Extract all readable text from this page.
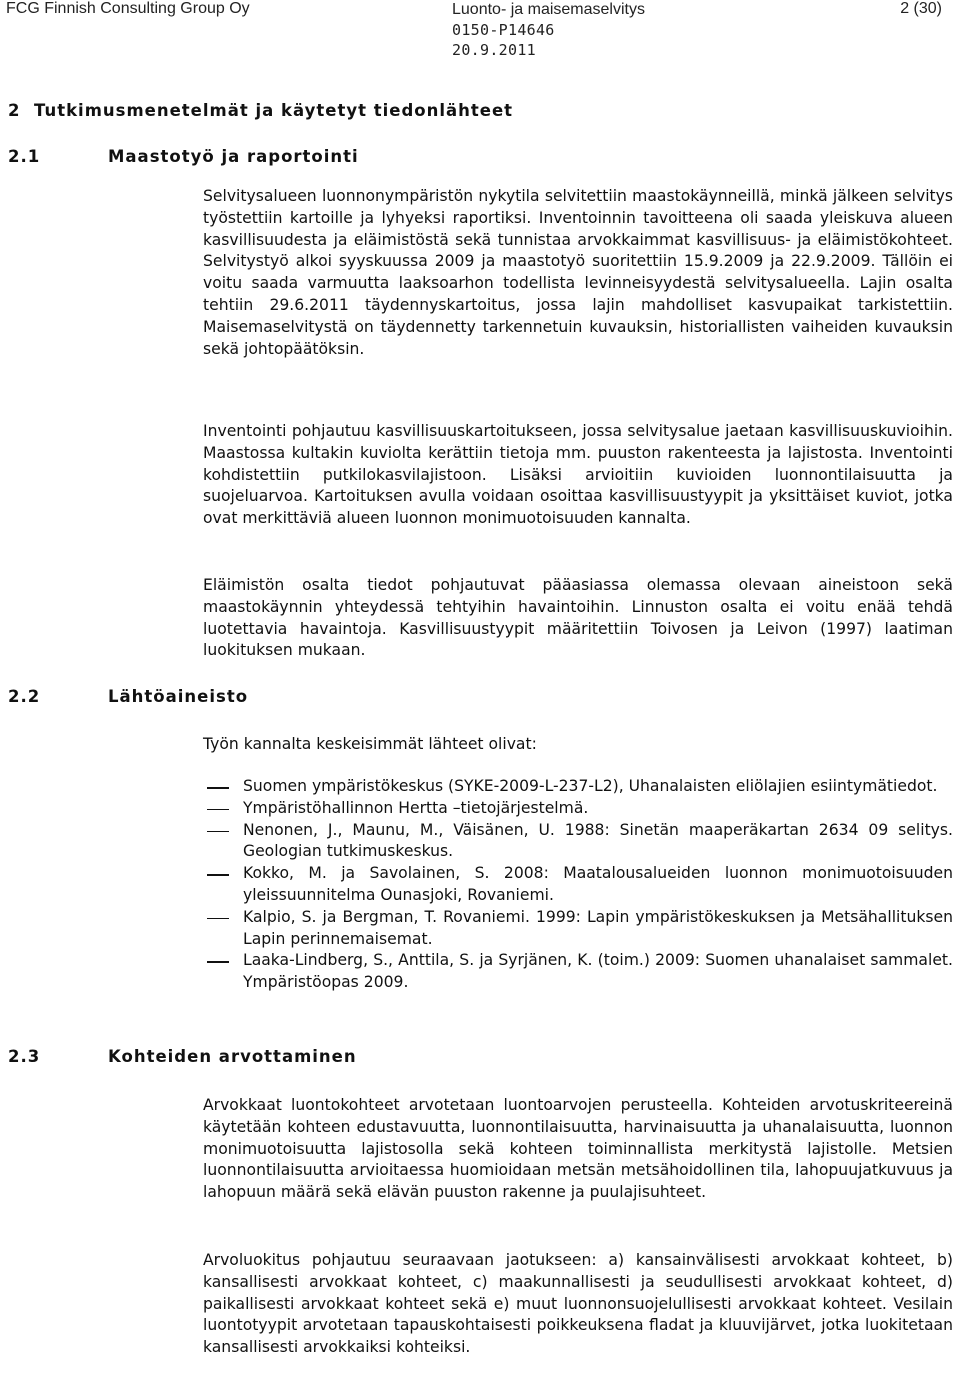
FCG Finnish Consulting Group Oy	Luonto- ja maisemaselvitys
0150-P14646
20.9.2011
2 (30)
2 Tutkimusmenetelmät ja käytetyt tiedonlähteet
2.1	Maastotyö ja raportointi

Selvitysalueen luonnonympäristön nykytila selvitettiin maastokäynneillä, minkä jälkeen selvitys työstettiin kartoille ja lyhyeksi raportiksi. Inventoinnin tavoitteena oli saada yleiskuva alueen kasvillisuudesta ja eläimistöstä sekä tunnistaa arvokkaimmat kasvillisuus- ja eläimistökohteet. Selvitystyö alkoi syyskuussa 2009 ja maastotyö suoritettiin 15.9.2009 ja 22.9.2009. Tällöin ei voitu saada varmuutta laaksoarhon todellista levinneisyydestä selvitysalueella. Lajin osalta tehtiin 29.6.2011 täydennyskartoitus, jossa lajin mahdolliset kasvupaikat tarkistettiin. Maisemaselvitystä on täydennetty tarkennetuin kuvauksin, historiallisten vaiheiden kuvauksin sekä johtopäätöksin.

Inventointi pohjautuu kasvillisuuskartoitukseen, jossa selvitysalue jaetaan kasvillisuuskuvioihin. Maastossa kultakin kuviolta kerättiin tietoja mm. puuston rakenteesta ja lajistosta. Inventointi kohdistettiin putkilokasvilajistoon. Lisäksi arvioitiin kuvioiden luonnontilaisuutta ja suojeluarvoa. Kartoituksen avulla voidaan osoittaa kasvillisuustyypit ja yksittäiset kuviot, jotka ovat merkittäviä alueen luonnon monimuotoisuuden kannalta.

Eläimistön osalta tiedot pohjautuvat pääasiassa olemassa olevaan aineistoon sekä maastokäynnin yhteydessä tehtyihin havaintoihin. Linnuston osalta ei voitu enää tehdä luotettavia havaintoja. Kasvillisuustyypit määritettiin Toivosen ja Leivon (1997) laatiman luokituksen mukaan.

2.2	Lähtöaineisto

Työn kannalta keskeisimmät lähteet olivat:

Suomen ympäristökeskus (SYKE-2009-L-237-L2), Uhanalaisten eliölajien esiintymätiedot.
Ympäristöhallinnon Hertta –tietojärjestelmä.
Nenonen, J., Maunu, M., Väisänen, U. 1988: Sinetän maaperäkartan 2634 09 selitys. Geologian tutkimuskeskus.
Kokko, M. ja Savolainen, S. 2008: Maatalousalueiden luonnon monimuotoisuuden yleissuunnitelma Ounasjoki, Rovaniemi.
Kalpio, S. ja Bergman, T. Rovaniemi. 1999: Lapin ympäristökeskuksen ja Metsähallituksen Lapin perinnemaisemat.
Laaka-Lindberg, S., Anttila, S. ja Syrjänen, K. (toim.) 2009: Suomen uhanalaiset sammalet. Ympäristöopas 2009.
2.3	Kohteiden arvottaminen

Arvokkaat luontokohteet arvotetaan luontoarvojen perusteella. Kohteiden arvotuskriteereinä käytetään kohteen edustavuutta, luonnontilaisuutta, harvinaisuutta ja uhanalaisuutta, luonnon monimuotoisuutta lajistosolla sekä kohteen toiminnallista merkitystä lajistolle. Metsien luonnontilaisuutta arvioitaessa huomioidaan metsän metsähoidollinen tila, lahopuujatkuvuus ja lahopuun määrä sekä elävän puuston rakenne ja puulajisuhteet.

Arvoluokitus pohjautuu seuraavaan jaotukseen: a) kansainvälisesti arvokkaat kohteet, b) kansallisesti arvokkaat kohteet, c) maakunnallisesti ja seudullisesti arvokkaat kohteet, d) paikallisesti arvokkaat kohteet sekä e) muut luonnonsuojelullisesti arvokkaat kohteet. Vesilain luontotyypit arvotetaan tapauskohtaisesti poikkeuksena fladat ja kluuvijärvet, jotka luokitetaan kansallisesti arvokkaiksi kohteiksi.
